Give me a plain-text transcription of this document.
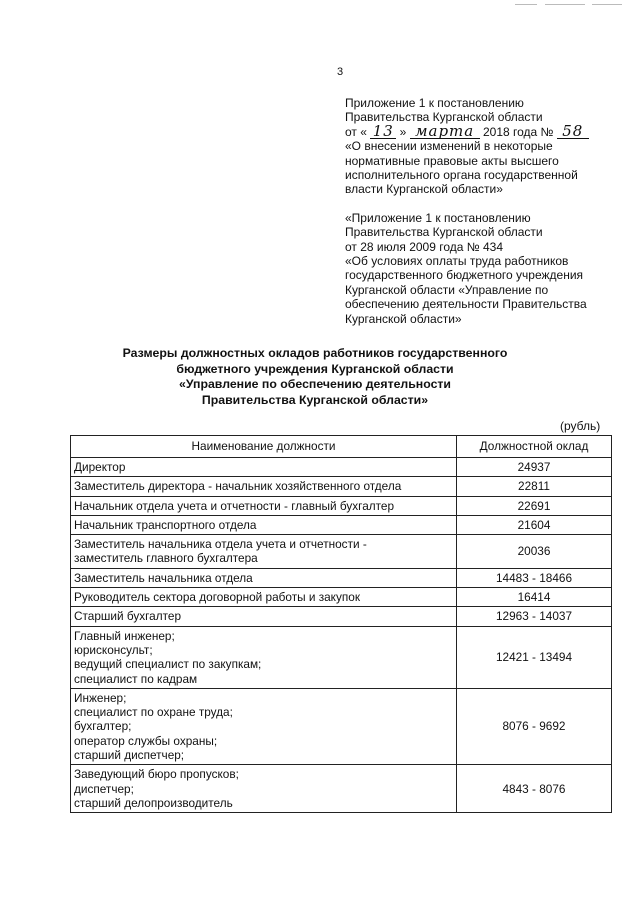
3

Приложение 1 к постановлению

Правительства Курганской области

от « 13 » марта 2018 года № 58

«О внесении изменений в некоторые

нормативные правовые акты высшего

исполнительного органа государственной

власти Курганской области»

«Приложение 1 к постановлению

Правительства Курганской области

от 28 июля 2009 года № 434

«Об условиях оплаты труда работников

государственного бюджетного учреждения

Курганской области «Управление по

обеспечению деятельности Правительства

Курганской области»

Размеры должностных окладов работников государственного

бюджетного учреждения Курганской области

«Управление по обеспечению деятельности

Правительства Курганской области»

(рубль)
Наименование должности	Должностной оклад

Директор	24937

Заместитель директора - начальник хозяйственного отдела	22811

Начальник отдела учета и отчетности - главный бухгалтер	22691

Начальник транспортного отдела	21604

Заместитель начальника отдела учета и отчетности -
заместитель главного бухгалтера	20036

Заместитель начальника отдела	14483 - 18466

Руководитель сектора договорной работы и закупок	16414

Старший бухгалтер	12963 - 14037

Главный инженер;
юрисконсульт;
ведущий специалист по закупкам;
специалист по кадрам	12421 - 13494

Инженер;
специалист по охране труда;
бухгалтер;
оператор службы охраны;
старший диспетчер;	8076 - 9692

Заведующий бюро пропусков;
диспетчер;
старший делопроизводитель	4843 - 8076
